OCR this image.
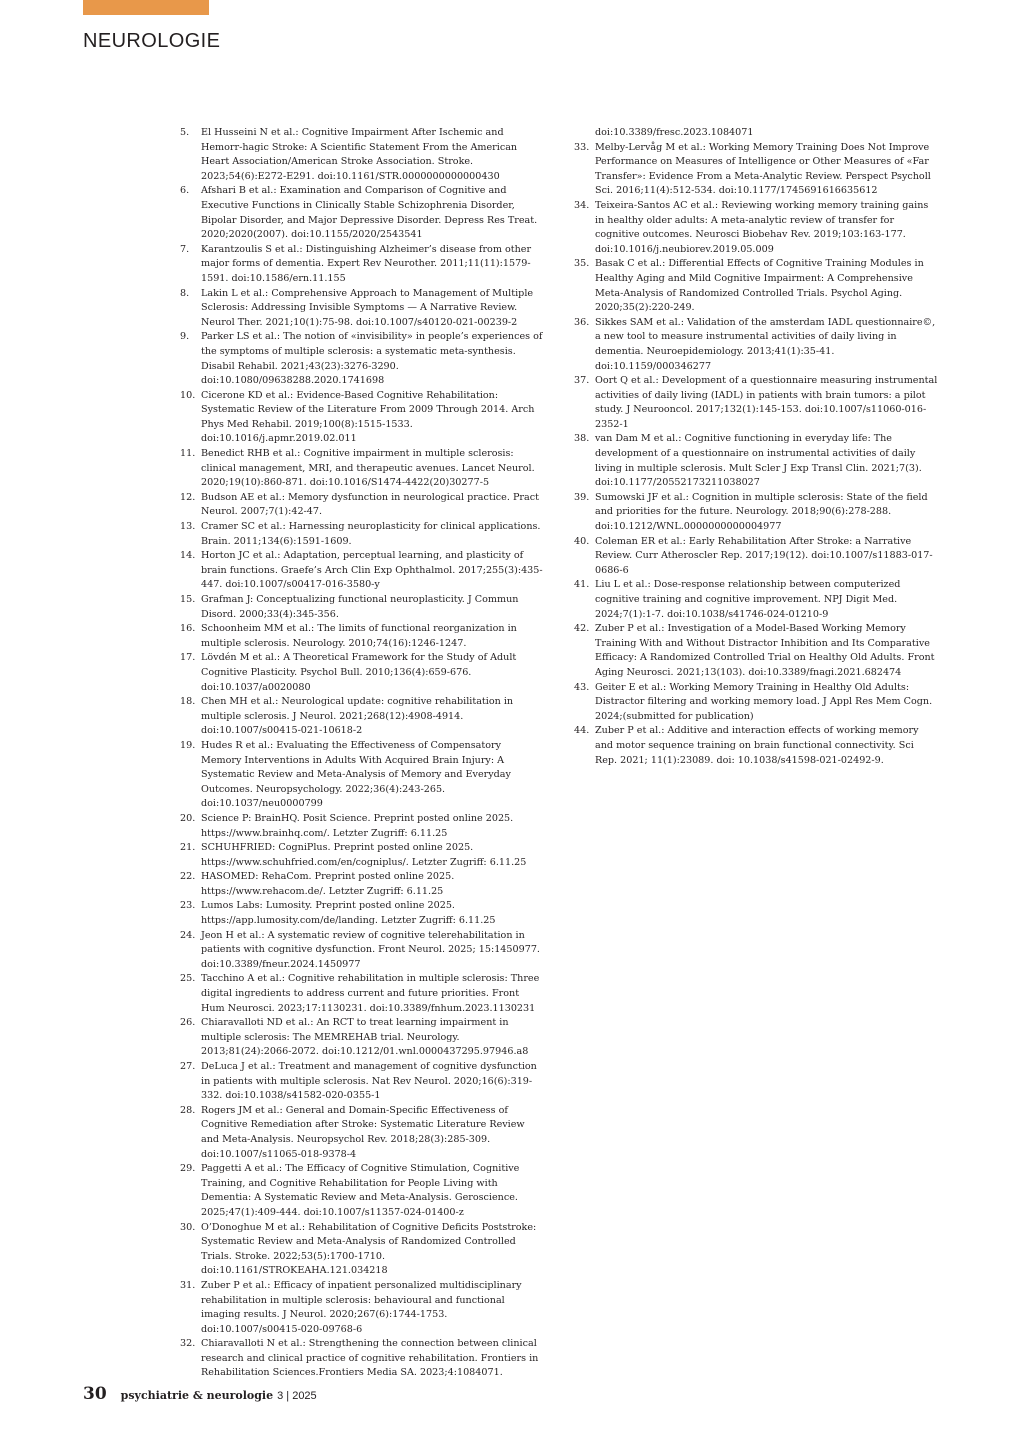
NEUROLOGIE
5. El Husseini N et al.: Cognitive Impairment After Ischemic and Hemorr-hagic Stroke: A Scientific Statement From the American Heart Association/American Stroke Association. Stroke. 2023;54(6):E272-E291. doi:10.1161/STR.0000000000000430
6. Afshari B et al.: Examination and Comparison of Cognitive and Executive Functions in Clinically Stable Schizophrenia Disorder, Bipolar Disorder, and Major Depressive Disorder. Depress Res Treat. 2020;2020(2007). doi:10.1155/2020/2543541
7. Karantzoulis S et al.: Distinguishing Alzheimer’s disease from other major forms of dementia. Expert Rev Neurother. 2011;11(11):1579-1591. doi:10.1586/ern.11.155
8. Lakin L et al.: Comprehensive Approach to Management of Multiple Sclerosis: Addressing Invisible Symptoms — A Narrative Review. Neurol Ther. 2021;10(1):75-98. doi:10.1007/s40120-021-00239-2
9. Parker LS et al.: The notion of «invisibility» in people’s experiences of the symptoms of multiple sclerosis: a systematic meta-synthesis. Disabil Rehabil. 2021;43(23):3276-3290. doi:10.1080/09638288.2020.1741698
10. Cicerone KD et al.: Evidence-Based Cognitive Rehabilitation: Systematic Review of the Literature From 2009 Through 2014. Arch Phys Med Rehabil. 2019;100(8):1515-1533. doi:10.1016/j.apmr.2019.02.011
11. Benedict RHB et al.: Cognitive impairment in multiple sclerosis: clinical management, MRI, and therapeutic avenues. Lancet Neurol. 2020;19(10):860-871. doi:10.1016/S1474-4422(20)30277-5
12. Budson AE et al.: Memory dysfunction in neurological practice. Pract Neurol. 2007;7(1):42-47.
13. Cramer SC et al.: Harnessing neuroplasticity for clinical applications. Brain. 2011;134(6):1591-1609.
14. Horton JC et al.: Adaptation, perceptual learning, and plasticity of brain functions. Graefe’s Arch Clin Exp Ophthalmol. 2017;255(3):435-447. doi:10.1007/s00417-016-3580-y
15. Grafman J: Conceptualizing functional neuroplasticity. J Commun Disord. 2000;33(4):345-356.
16. Schoonheim MM et al.: The limits of functional reorganization in multiple sclerosis. Neurology. 2010;74(16):1246-1247.
17. Lövdén M et al.: A Theoretical Framework for the Study of Adult Cognitive Plasticity. Psychol Bull. 2010;136(4):659-676. doi:10.1037/a0020080
18. Chen MH et al.: Neurological update: cognitive rehabilitation in multiple sclerosis. J Neurol. 2021;268(12):4908-4914. doi:10.1007/s00415-021-10618-2
19. Hudes R et al.: Evaluating the Effectiveness of Compensatory Memory Interventions in Adults With Acquired Brain Injury: A Systematic Review and Meta-Analysis of Memory and Everyday Outcomes. Neuropsychology. 2022;36(4):243-265. doi:10.1037/neu0000799
20. Science P: BrainHQ. Posit Science. Preprint posted online 2025. https://www.brainhq.com/. Letzter Zugriff: 6.11.25
21. SCHUHFRIED: CogniPlus. Preprint posted online 2025. https://www.schuhfried.com/en/cogniplus/. Letzter Zugriff: 6.11.25
22. HASOMED: RehaCom. Preprint posted online 2025. https://www.rehacom.de/. Letzter Zugriff: 6.11.25
23. Lumos Labs: Lumosity. Preprint posted online 2025. https://app.lumosity.com/de/landing. Letzter Zugriff: 6.11.25
24. Jeon H et al.: A systematic review of cognitive telerehabilitation in patients with cognitive dysfunction. Front Neurol. 2025; 15:1450977. doi:10.3389/fneur.2024.1450977
25. Tacchino A et al.: Cognitive rehabilitation in multiple sclerosis: Three digital ingredients to address current and future priorities. Front Hum Neurosci. 2023;17:1130231. doi:10.3389/fnhum.2023.1130231
26. Chiaravalloti ND et al.: An RCT to treat learning impairment in multiple sclerosis: The MEMREHAB trial. Neurology. 2013;81(24):2066-2072. doi:10.1212/01.wnl.0000437295.97946.a8
27. DeLuca J et al.: Treatment and management of cognitive dysfunction in patients with multiple sclerosis. Nat Rev Neurol. 2020;16(6):319-332. doi:10.1038/s41582-020-0355-1
28. Rogers JM et al.: General and Domain-Specific Effectiveness of Cognitive Remediation after Stroke: Systematic Literature Review and Meta-Analysis. Neuropsychol Rev. 2018;28(3):285-309. doi:10.1007/s11065-018-9378-4
29. Paggetti A et al.: The Efficacy of Cognitive Stimulation, Cognitive Training, and Cognitive Rehabilitation for People Living with Dementia: A Systematic Review and Meta-Analysis. Geroscience. 2025;47(1):409-444. doi:10.1007/s11357-024-01400-z
30. O’Donoghue M et al.: Rehabilitation of Cognitive Deficits Poststroke: Systematic Review and Meta-Analysis of Randomized Controlled Trials. Stroke. 2022;53(5):1700-1710. doi:10.1161/STROKEAHA.121.034218
31. Zuber P et al.: Efficacy of inpatient personalized multidisciplinary rehabilitation in multiple sclerosis: behavioural and functional imaging results. J Neurol. 2020;267(6):1744-1753. doi:10.1007/s00415-020-09768-6
32. Chiaravalloti N et al.: Strengthening the connection between clinical research and clinical practice of cognitive rehabilitation. Frontiers in Rehabilitation Sciences.Frontiers Media SA. 2023;4:1084071.
doi:10.3389/fresc.2023.1084071
33. Melby-Lervåg M et al.: Working Memory Training Does Not Improve Performance on Measures of Intelligence or Other Measures of «Far Transfer»: Evidence From a Meta-Analytic Review. Perspect Psycholl Sci. 2016;11(4):512-534. doi:10.1177/1745691616635612
34. Teixeira-Santos AC et al.: Reviewing working memory training gains in healthy older adults: A meta-analytic review of transfer for cognitive outcomes. Neurosci Biobehav Rev. 2019;103:163-177. doi:10.1016/j.neubiorev.2019.05.009
35. Basak C et al.: Differential Effects of Cognitive Training Modules in Healthy Aging and Mild Cognitive Impairment: A Comprehensive Meta-Analysis of Randomized Controlled Trials. Psychol Aging. 2020;35(2):220-249.
36. Sikkes SAM et al.: Validation of the amsterdam IADL questionnaire©, a new tool to measure instrumental activities of daily living in dementia. Neuroepidemiology. 2013;41(1):35-41. doi:10.1159/000346277
37. Oort Q et al.: Development of a questionnaire measuring instrumental activities of daily living (IADL) in patients with brain tumors: a pilot study. J Neurooncol. 2017;132(1):145-153. doi:10.1007/s11060-016-2352-1
38. van Dam M et al.: Cognitive functioning in everyday life: The development of a questionnaire on instrumental activities of daily living in multiple sclerosis. Mult Scler J Exp Transl Clin. 2021;7(3). doi:10.1177/20552173211038027
39. Sumowski JF et al.: Cognition in multiple sclerosis: State of the field and priorities for the future. Neurology. 2018;90(6):278-288. doi:10.1212/WNL.0000000000004977
40. Coleman ER et al.: Early Rehabilitation After Stroke: a Narrative Review. Curr Atheroscler Rep. 2017;19(12). doi:10.1007/s11883-017-0686-6
41. Liu L et al.: Dose-response relationship between computerized cognitive training and cognitive improvement. NPJ Digit Med. 2024;7(1):1-7. doi:10.1038/s41746-024-01210-9
42. Zuber P et al.: Investigation of a Model-Based Working Memory Training With and Without Distractor Inhibition and Its Comparative Efficacy: A Randomized Controlled Trial on Healthy Old Adults. Front Aging Neurosci. 2021;13(103). doi:10.3389/fnagi.2021.682474
43. Geiter E et al.: Working Memory Training in Healthy Old Adults: Distractor filtering and working memory load. J Appl Res Mem Cogn. 2024;(submitted for publication)
44. Zuber P et al.: Additive and interaction effects of working memory and motor sequence training on brain functional connectivity. Sci Rep. 2021; 11(1):23089. doi: 10.1038/s41598-021-02492-9.
30 psychiatrie & neurologie 3 | 2025
